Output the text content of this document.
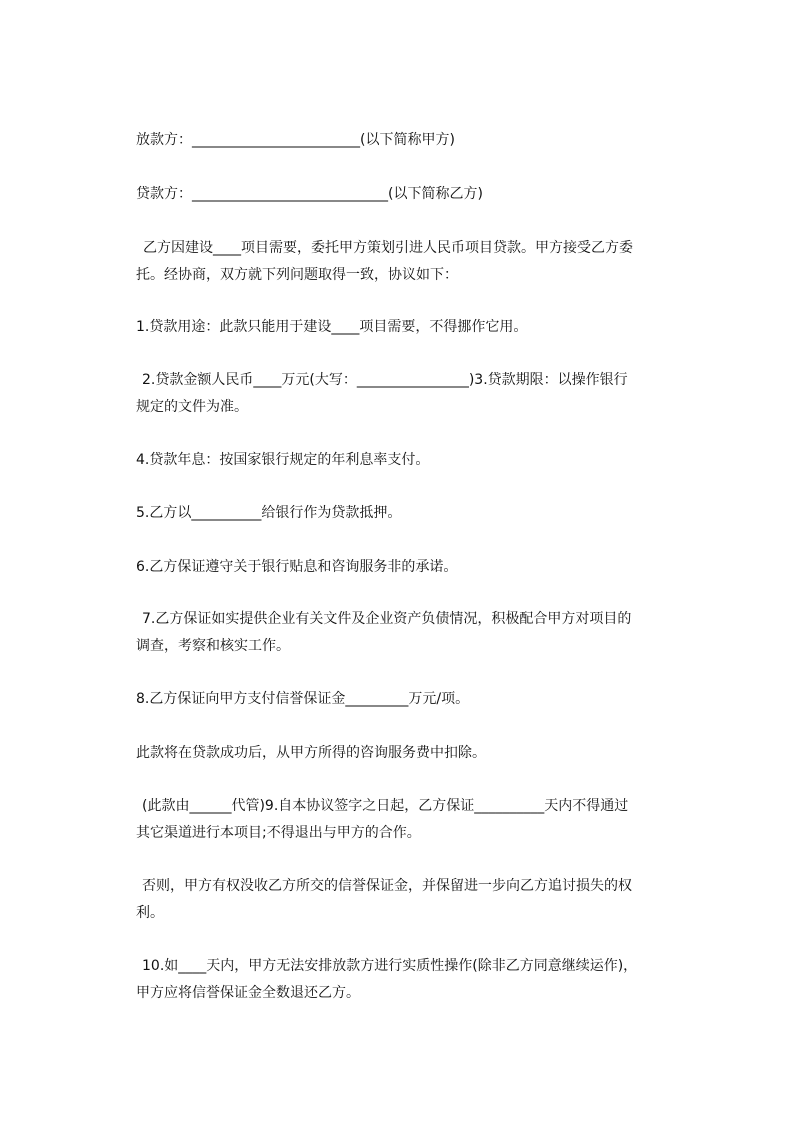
放款方：________________________(以下简称甲方)

贷款方：____________________________(以下简称乙方)

乙方因建设____项目需要，委托甲方策划引进人民币项目贷款。甲方接受乙方委
托。经协商，双方就下列问题取得一致，协议如下：

1.贷款用途：此款只能用于建设____项目需要，不得挪作它用。

2.贷款金额人民币____万元(大写：________________)3.贷款期限：以操作银行
规定的文件为准。

4.贷款年息：按国家银行规定的年利息率支付。

5.乙方以__________给银行作为贷款抵押。

6.乙方保证遵守关于银行贴息和咨询服务非的承诺。

7.乙方保证如实提供企业有关文件及企业资产负债情况，积极配合甲方对项目的
调查，考察和核实工作。

8.乙方保证向甲方支付信誉保证金_________万元/项。

此款将在贷款成功后，从甲方所得的咨询服务费中扣除。

(此款由______代管)9.自本协议签字之日起，乙方保证__________天内不得通过
其它渠道进行本项目;不得退出与甲方的合作。

否则，甲方有权没收乙方所交的信誉保证金，并保留进一步向乙方追讨损失的权
利。

10.如____天内，甲方无法安排放款方进行实质性操作(除非乙方同意继续运作)，
甲方应将信誉保证金全数退还乙方。
